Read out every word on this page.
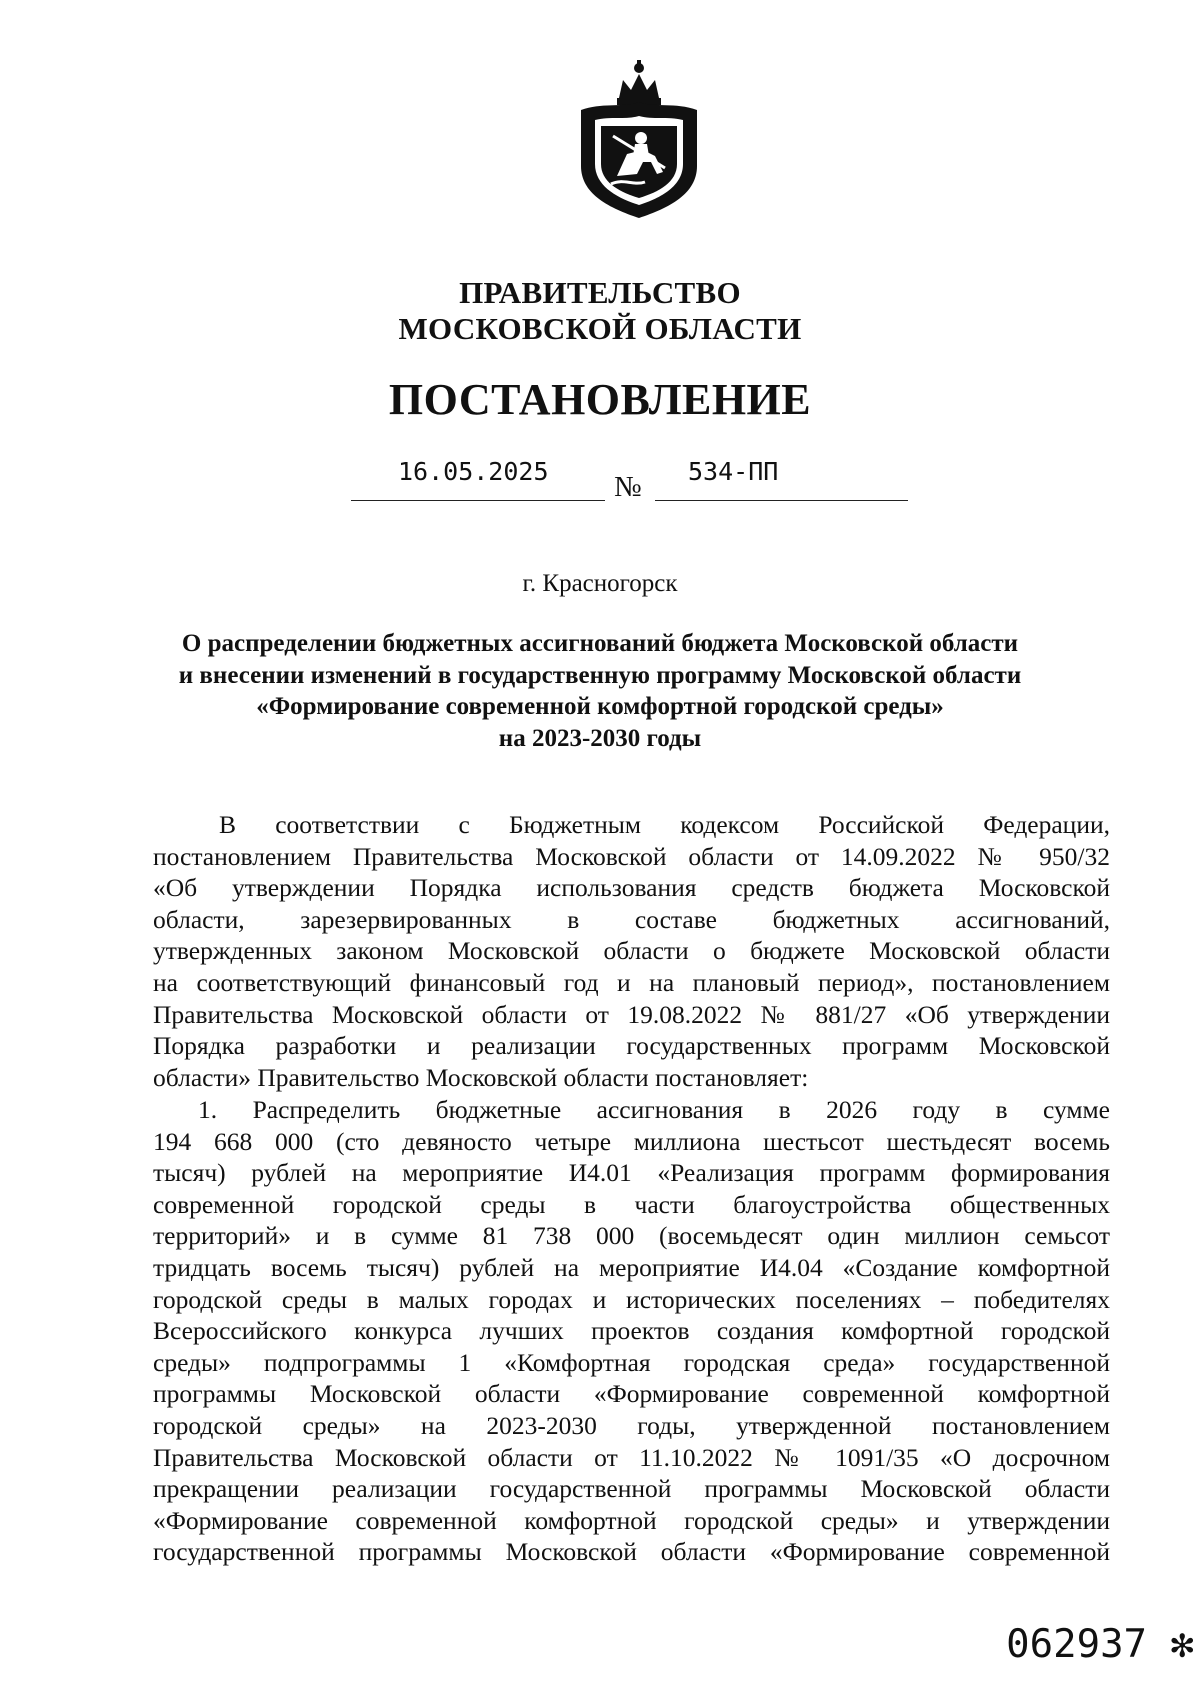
ПРАВИТЕЛЬСТВО
МОСКОВСКОЙ ОБЛАСТИ
ПОСТАНОВЛЕНИЕ
16.05.2025	№ 534-ПП
г. Красногорск
О распределении бюджетных ассигнований бюджета Московской области
и внесении изменений в государственную программу Московской области
«Формирование современной комфортной городской среды»
на 2023-2030 годы
В соответствии с Бюджетным кодексом Российской Федерации,
постановлением Правительства Московской области от 14.09.2022 № 950/32
«Об утверждении Порядка использования средств бюджета Московской
области, зарезервированных в составе бюджетных ассигнований,
утвержденных законом Московской области о бюджете Московской области
на соответствующий финансовый год и на плановый период», постановлением
Правительства Московской области от 19.08.2022 № 881/27 «Об утверждении
Порядка разработки и реализации государственных программ Московской
области» Правительство Московской области постановляет:
1. Распределить бюджетные ассигнования в 2026 году в сумме
194 668 000 (сто девяносто четыре миллиона шестьсот шестьдесят восемь
тысяч) рублей на мероприятие И4.01 «Реализация программ формирования
современной городской среды в части благоустройства общественных
территорий» и в сумме 81 738 000 (восемьдесят один миллион семьсот
тридцать восемь тысяч) рублей на мероприятие И4.04 «Создание комфортной
городской среды в малых городах и исторических поселениях – победителях
Всероссийского конкурса лучших проектов создания комфортной городской
среды» подпрограммы 1 «Комфортная городская среда» государственной
программы Московской области «Формирование современной комфортной
городской среды» на 2023-2030 годы, утвержденной постановлением
Правительства Московской области от 11.10.2022 № 1091/35 «О досрочном
прекращении реализации государственной программы Московской области
«Формирование современной комфортной городской среды» и утверждении
государственной программы Московской области «Формирование современной
062937 ✻
